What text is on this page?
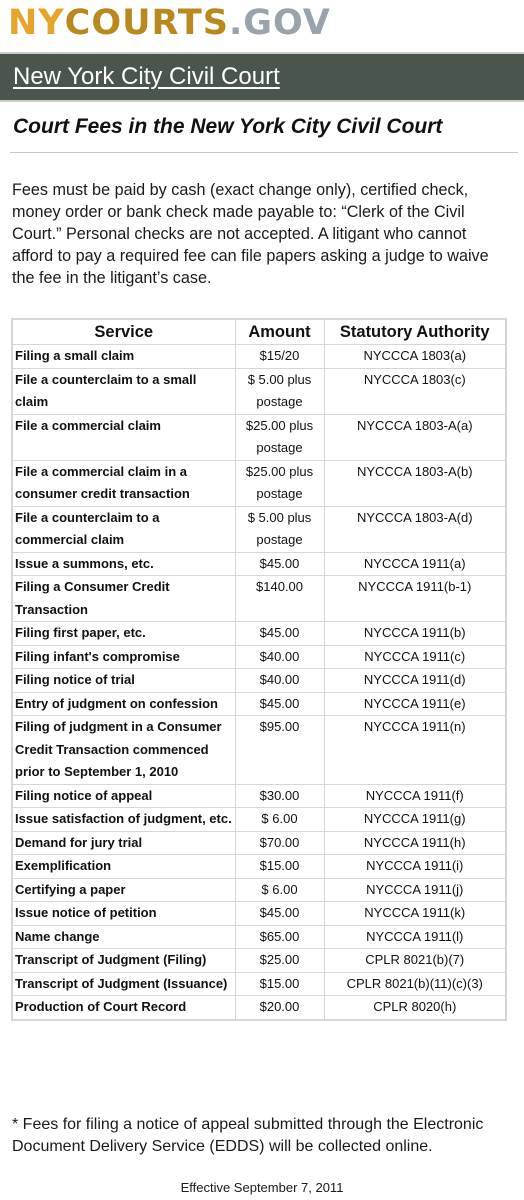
NY COURTS . GOV
New York City Civil Court
Court Fees in the New York City Civil Court

Fees must be paid by cash (exact change only), certified check, money order or bank check made payable to: “Clerk of the Civil Court.” Personal checks are not accepted. A litigant who cannot afford to pay a required fee can file papers asking a judge to waive the fee in the litigant’s case.

Service	Amount	Statutory Authority
Filing a small claim	$15/20	NYCCCA 1803(a)
File a counterclaim to a small claim	$ 5.00 plus postage	NYCCCA 1803(c)
File a commercial claim	$25.00 plus postage	NYCCCA 1803-A(a)
File a commercial claim in a consumer credit transaction	$25.00 plus postage	NYCCCA 1803-A(b)
File a counterclaim to a commercial claim	$ 5.00 plus postage	NYCCCA 1803-A(d)
Issue a summons, etc.	$45.00	NYCCCA 1911(a)
Filing a Consumer Credit Transaction	$140.00	NYCCCA 1911(b-1)
Filing first paper, etc.	$45.00	NYCCCA 1911(b)
Filing infant's compromise	$40.00	NYCCCA 1911(c)
Filing notice of trial	$40.00	NYCCCA 1911(d)
Entry of judgment on confession	$45.00	NYCCCA 1911(e)
Filing of judgment in a Consumer Credit Transaction commenced prior to September 1, 2010	$95.00	NYCCCA 1911(n)
Filing notice of appeal	$30.00	NYCCCA 1911(f)
Issue satisfaction of judgment, etc.	$ 6.00	NYCCCA 1911(g)
Demand for jury trial	$70.00	NYCCCA 1911(h)
Exemplification	$15.00	NYCCCA 1911(i)
Certifying a paper	$ 6.00	NYCCCA 1911(j)
Issue notice of petition	$45.00	NYCCCA 1911(k)
Name change	$65.00	NYCCCA 1911(l)
Transcript of Judgment (Filing)	$25.00	CPLR 8021(b)(7)
Transcript of Judgment (Issuance)	$15.00	CPLR 8021(b)(11)(c)(3)
Production of Court Record	$20.00	CPLR 8020(h)

* Fees for filing a notice of appeal submitted through the Electronic Document Delivery Service (EDDS) will be collected online.

Effective September 7, 2011
